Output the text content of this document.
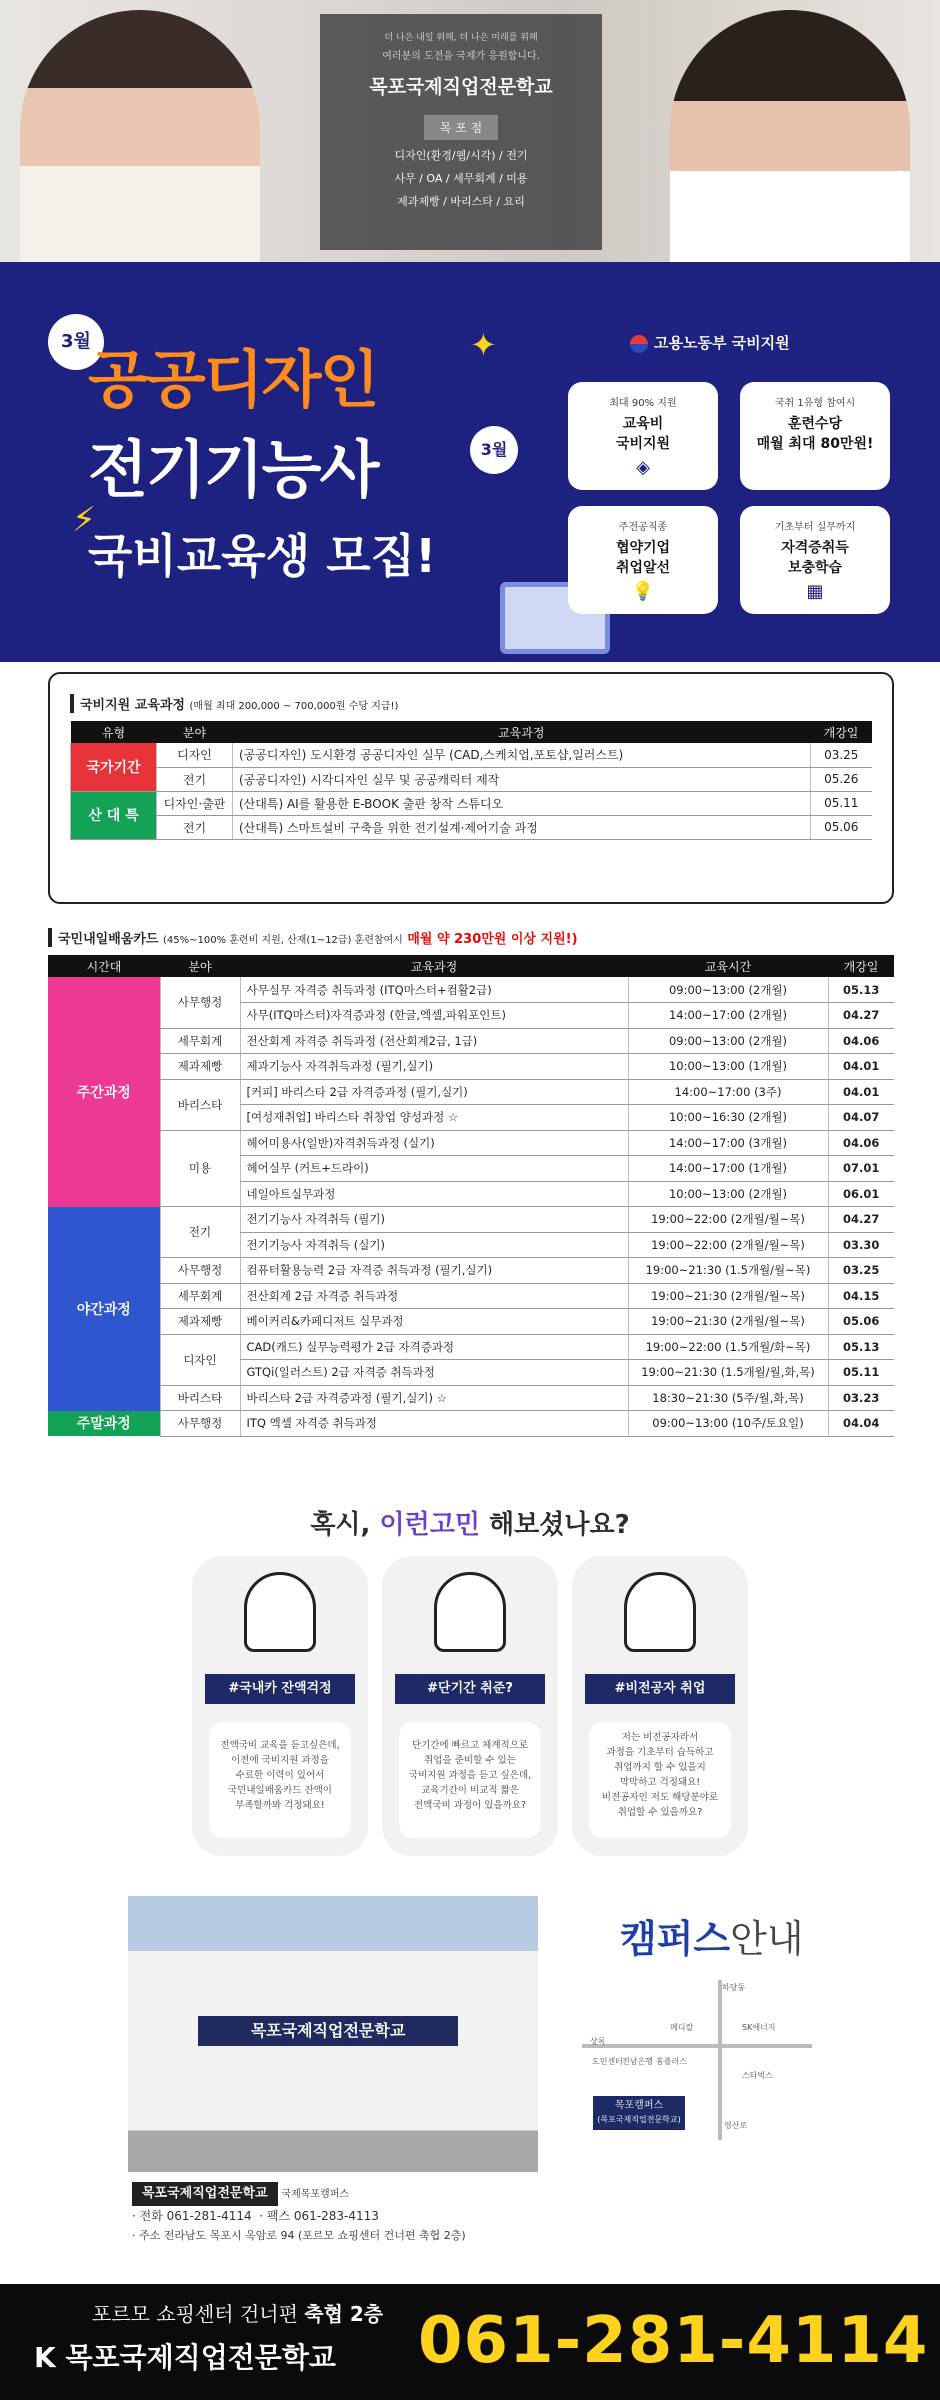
더 나은 내일 위해, 더 나은 미래를 위해
여러분의 도전을 국제가 응원합니다.
목포국제직업전문학교
목 포 점
디자인(환경/웹/시각) / 전기
사무 / OA / 세무회계 / 미용
제과제빵 / 바리스타 / 요리
3월
공공디자인	✦
⚡
전기기능사	3월
국비교육생 모집!
고용노동부 국비지원
최대 90% 지원
교육비
국비지원
◈
국취 1유형 참여시
훈련수당
매월 최대 80만원!
주전공직종
협약기업
취업알선
💡
기초부터 실무까지
자격증취득
보충학습
▦
국비지원 교육과정 (매월 최대 200,000 ~ 700,000원 수당 지급!)
유형	분야	교육과정	개강일
국가기간	디자인	(공공디자인) 도시환경 공공디자인 실무 (CAD,스케치업,포토샵,일러스트)	03.25
	전기	(공공디자인) 시각디자인 실무 및 공공캐릭터 제작	05.26
산 대 특	디자인·출판	(산대특) AI를 활용한 E-BOOK 출판 창작 스튜디오	05.11
	전기	(산대특) 스마트설비 구축을 위한 전기설계·제어기술 과정	05.06
국민내일배움카드 (45%~100% 훈련비 지원, 산재(1~12급) 훈련참여시 매월 약 230만원 이상 지원!)
시간대	분야	교육과정	교육시간	개강일
주간과정	사무행정	사무실무 자격증 취득과정 (ITQ마스터+컴활2급)	09:00~13:00 (2개월)	05.13
		사무(ITQ마스터)자격증과정 (한글,엑셀,파워포인트)	14:00~17:00 (2개월)	04.27
	세무회계	전산회계 자격증 취득과정 (전산회계2급, 1급)	09:00~13:00 (2개월)	04.06
	제과제빵	제과기능사 자격취득과정 (필기,실기)	10:00~13:00 (1개월)	04.01
	바리스타	[커피] 바리스타 2급 자격증과정 (필기,실기)	14:00~17:00 (3주)	04.01
		[여성재취업] 바리스타 취창업 양성과정 ☆	10:00~16:30 (2개월)	04.07
	미용	헤어미용사(일반)자격취득과정 (실기)	14:00~17:00 (3개월)	04.06
		헤어실무 (커트+드라이)	14:00~17:00 (1개월)	07.01
		네일아트실무과정	10:00~13:00 (2개월)	06.01
야간과정	전기	전기기능사 자격취득 (필기)	19:00~22:00 (2개월/월~목)	04.27
		전기기능사 자격취득 (실기)	19:00~22:00 (2개월/월~목)	03.30
	사무행정	컴퓨터활용능력 2급 자격증 취득과정 (필기,실기)	19:00~21:30 (1.5개월/월~목)	03.25
	세무회계	전산회계 2급 자격증 취득과정	19:00~21:30 (2개월/월~목)	04.15
	제과제빵	베이커리&카페디저트 실무과정	19:00~21:30 (2개월/월~목)	05.06
	디자인	CAD(캐드) 실무능력평가 2급 자격증과정	19:00~22:00 (1.5개월/화~목)	05.13
		GTQi(일러스트) 2급 자격증 취득과정	19:00~21:30 (1.5개월/월,화,목)	05.11
	바리스타	바리스타 2급 자격증과정 (필기,실기) ☆	18:30~21:30 (5주/월,화,목)	03.23
주말과정	사무행정	ITQ 엑셀 자격증 취득과정	09:00~13:00 (10주/토요일)	04.04
혹시, 이런고민 해보셨나요?
#국내카 잔액걱정	#단기간 취준?	#비전공자 취업
전액국비 교육을 듣고싶은데,
이전에 국비지원 과정을
수료한 이력이 있어서
국민내일배움카드 잔액이
부족할까봐 걱정돼요!
단기간에 빠르고 체계적으로
취업을 준비할 수 있는
국비지원 과정을 듣고 싶은데,
교육기간이 비교적 짧은
전액국비 과정이 있을까요?
저는 비전공자라서
과정을 기초부터 습득하고
취업까지 할 수 있을지
막막하고 걱정돼요!
비전공자인 저도 해당분야로
취업할 수 있을까요?
목포국제직업전문학교
캠퍼스안내
하당동
SK에너지
메디칼
상록
홈플러스
도민센터 전남은행
스타벅스
영산로
목포캠퍼스
(목포국제직업전문학교)
목포국제직업전문학교 국제목포캠퍼스
· 전화 061-281-4114 · 팩스 061-283-4113
· 주소 전라남도 목포시 옥암로 94 (포르모 쇼핑센터 건너편 축협 2층)
포르모 쇼핑센터 건너편 축협 2층
K 목포국제직업전문학교 061-281-4114
